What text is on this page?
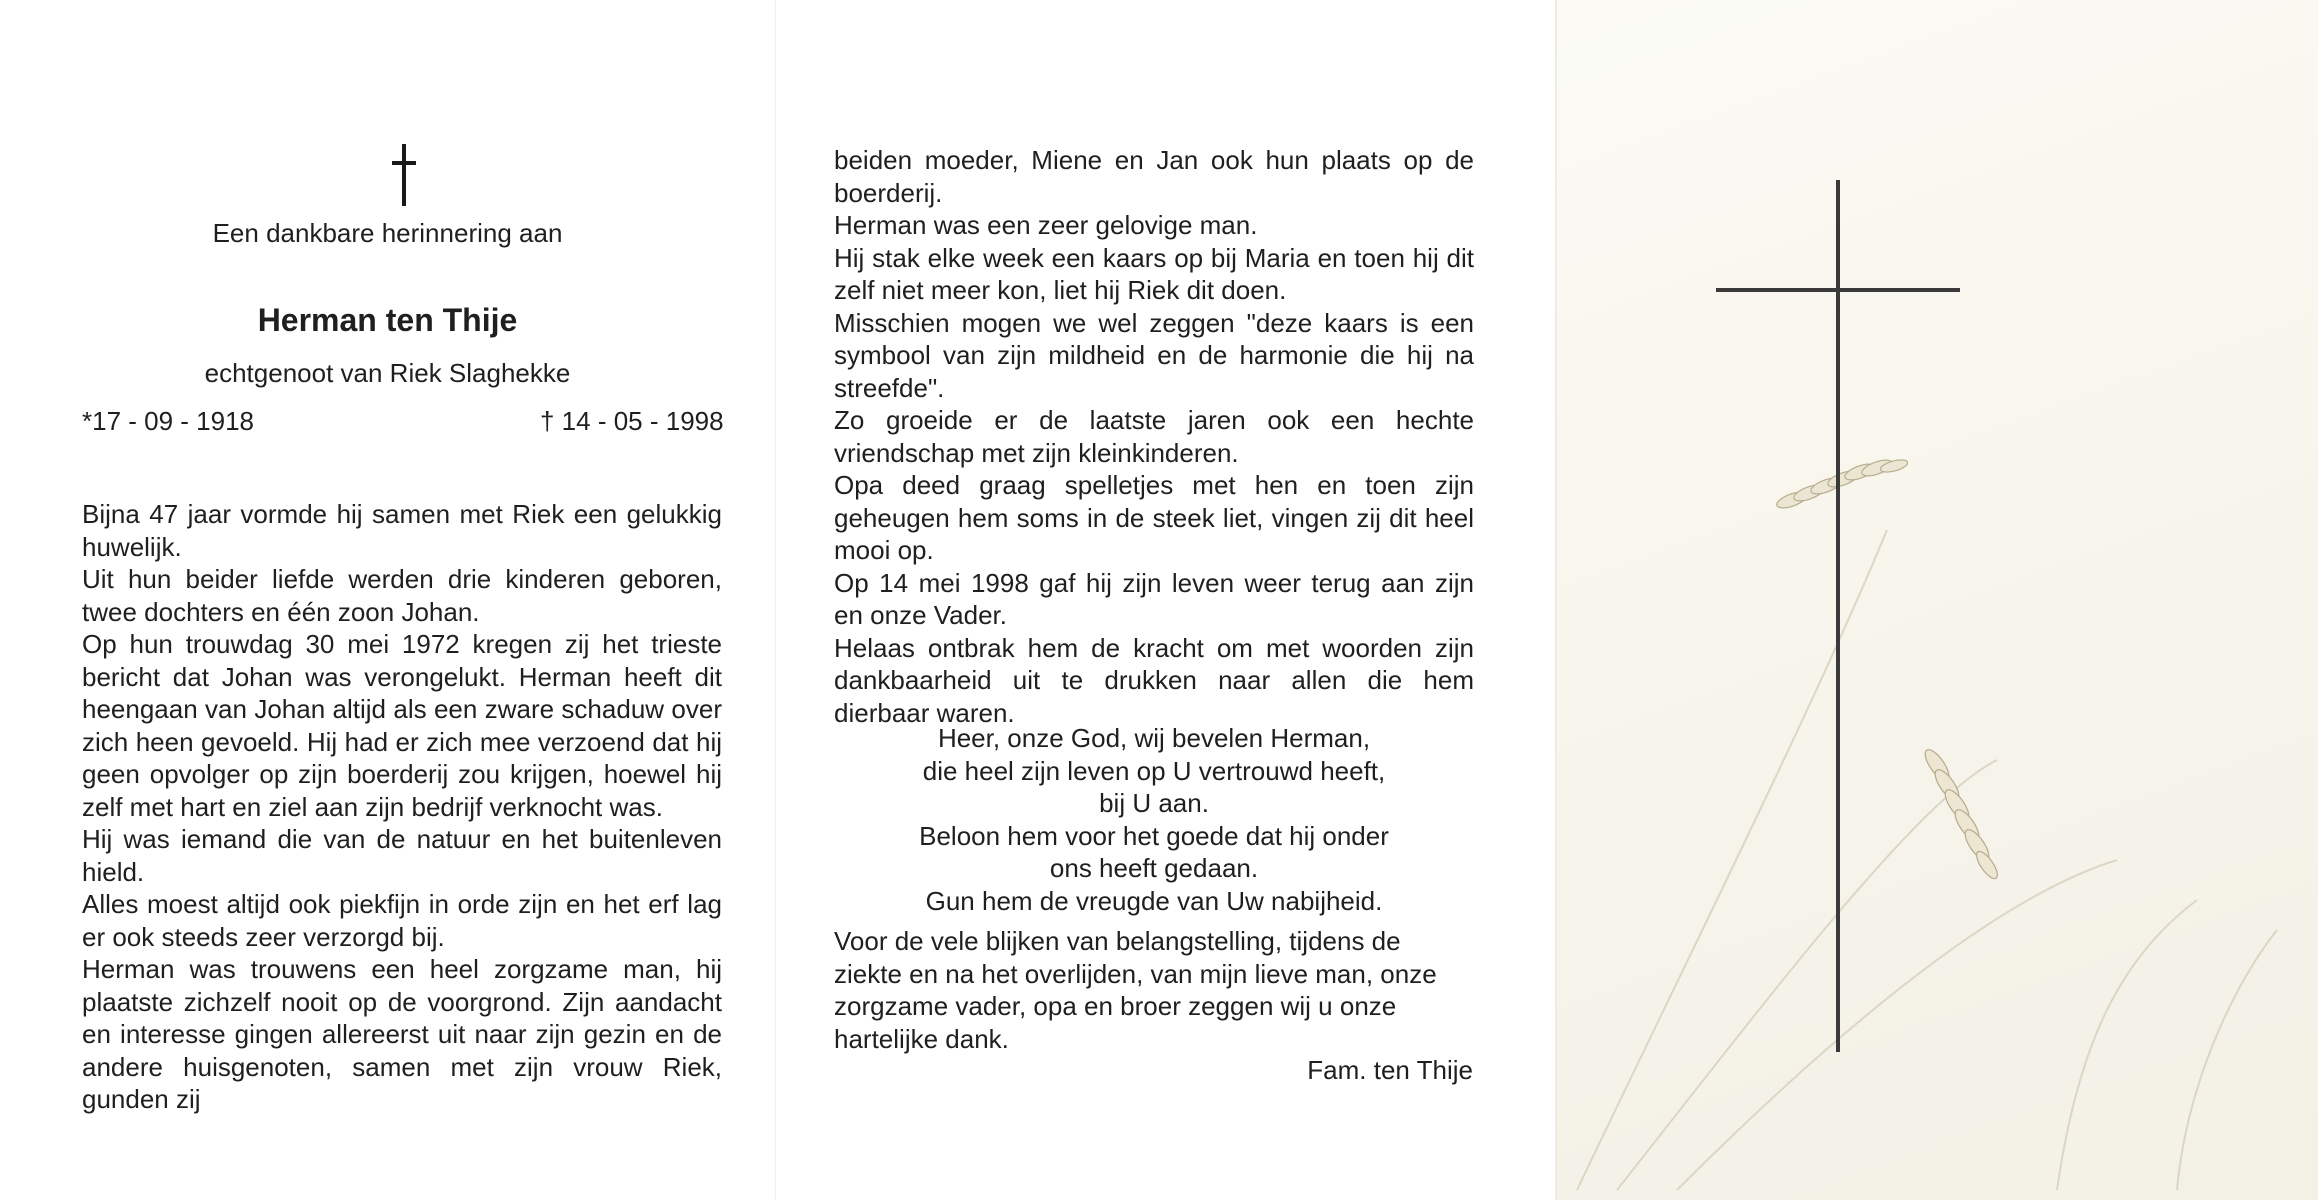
Een dankbare herinnering aan
Herman ten Thije
echtgenoot van Riek Slaghekke
*17 - 09 - 1918	† 14 - 05 - 1998
Bijna 47 jaar vormde hij samen met Riek een gelukkig huwelijk.
Uit hun beider liefde werden drie kinderen geboren, twee dochters en één zoon Johan.
Op hun trouwdag 30 mei 1972 kregen zij het trieste bericht dat Johan was verongelukt. Herman heeft dit heengaan van Johan altijd als een zware schaduw over zich heen gevoeld. Hij had er zich mee verzoend dat hij geen opvolger op zijn boerderij zou krijgen, hoewel hij zelf met hart en ziel aan zijn bedrijf verknocht was.
Hij was iemand die van de natuur en het buitenleven hield.
Alles moest altijd ook piekfijn in orde zijn en het erf lag er ook steeds zeer verzorgd bij.
Herman was trouwens een heel zorgzame man, hij plaatste zichzelf nooit op de voorgrond. Zijn aandacht en interesse gingen allereerst uit naar zijn gezin en de andere huisgenoten, samen met zijn vrouw Riek, gunden zij
beiden moeder, Miene en Jan ook hun plaats op de boerderij.
Herman was een zeer gelovige man.
Hij stak elke week een kaars op bij Maria en toen hij dit zelf niet meer kon, liet hij Riek dit doen.
Misschien mogen we wel zeggen "deze kaars is een symbool van zijn mildheid en de harmonie die hij na streefde".
Zo groeide er de laatste jaren ook een hechte vriendschap met zijn kleinkinderen.
Opa deed graag spelletjes met hen en toen zijn geheugen hem soms in de steek liet, vingen zij dit heel mooi op.
Op 14 mei 1998 gaf hij zijn leven weer terug aan zijn en onze Vader.
Helaas ontbrak hem de kracht om met woorden zijn dankbaarheid uit te drukken naar allen die hem dierbaar waren.
Heer, onze God, wij bevelen Herman,
die heel zijn leven op U vertrouwd heeft,
bij U aan.
Beloon hem voor het goede dat hij onder
ons heeft gedaan.
Gun hem de vreugde van Uw nabijheid.
Voor de vele blijken van belangstelling, tijdens de ziekte en na het overlijden, van mijn lieve man, onze zorgzame vader, opa en broer zeggen wij u onze hartelijke dank.
Fam. ten Thije
